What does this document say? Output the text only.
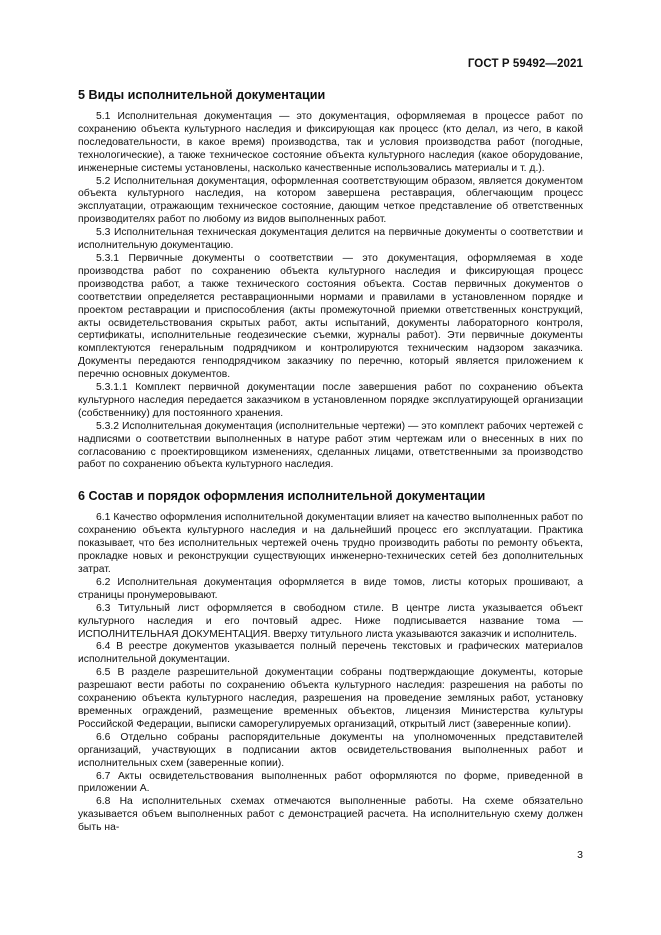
ГОСТ Р 59492—2021
5 Виды исполнительной документации

5.1 Исполнительная документация — это документация, оформляемая в процессе работ по сохранению объекта культурного наследия и фиксирующая как процесс (кто делал, из чего, в какой последовательности, в какое время) производства, так и условия производства работ (погодные, технологические), а также техническое состояние объекта культурного наследия (какое оборудование, инженерные системы установлены, насколько качественные использовались материалы и т. д.).

5.2 Исполнительная документация, оформленная соответствующим образом, является документом объекта культурного наследия, на котором завершена реставрация, облегчающим процесс эксплуатации, отражающим техническое состояние, дающим четкое представление об ответственных производителях работ по любому из видов выполненных работ.

5.3 Исполнительная техническая документация делится на первичные документы о соответствии и исполнительную документацию.

5.3.1 Первичные документы о соответствии — это документация, оформляемая в ходе производства работ по сохранению объекта культурного наследия и фиксирующая процесс производства работ, а также технического состояния объекта. Состав первичных документов о соответствии определяется реставрационными нормами и правилами в установленном порядке и проектом реставрации и приспособления (акты промежуточной приемки ответственных конструкций, акты освидетельствования скрытых работ, акты испытаний, документы лабораторного контроля, сертификаты, исполнительные геодезические съемки, журналы работ). Эти первичные документы комплектуются генеральным подрядчиком и контролируются техническим надзором заказчика. Документы передаются генподрядчиком заказчику по перечню, который является приложением к перечню основных документов.

5.3.1.1 Комплект первичной документации после завершения работ по сохранению объекта культурного наследия передается заказчиком в установленном порядке эксплуатирующей организации (собственнику) для постоянного хранения.

5.3.2 Исполнительная документация (исполнительные чертежи) — это комплект рабочих чертежей с надписями о соответствии выполненных в натуре работ этим чертежам или о внесенных в них по согласованию с проектировщиком изменениях, сделанных лицами, ответственными за производство работ по сохранению объекта культурного наследия.

6 Состав и порядок оформления исполнительной документации

6.1 Качество оформления исполнительной документации влияет на качество выполненных работ по сохранению объекта культурного наследия и на дальнейший процесс его эксплуатации. Практика показывает, что без исполнительных чертежей очень трудно производить работы по ремонту объекта, прокладке новых и реконструкции существующих инженерно-технических сетей без дополнительных затрат.

6.2 Исполнительная документация оформляется в виде томов, листы которых прошивают, а страницы пронумеровывают.

6.3 Титульный лист оформляется в свободном стиле. В центре листа указывается объект культурного наследия и его почтовый адрес. Ниже подписывается название тома — ИСПОЛНИТЕЛЬНАЯ ДОКУМЕНТАЦИЯ. Вверху титульного листа указываются заказчик и исполнитель.

6.4 В реестре документов указывается полный перечень текстовых и графических материалов исполнительной документации.

6.5 В разделе разрешительной документации собраны подтверждающие документы, которые разрешают вести работы по сохранению объекта культурного наследия: разрешения на работы по сохранению объекта культурного наследия, разрешения на проведение земляных работ, установку временных ограждений, размещение временных объектов, лицензия Министерства культуры Российской Федерации, выписки саморегулируемых организаций, открытый лист (заверенные копии).

6.6 Отдельно собраны распорядительные документы на уполномоченных представителей организаций, участвующих в подписании актов освидетельствования выполненных работ и исполнительных схем (заверенные копии).

6.7 Акты освидетельствования выполненных работ оформляются по форме, приведенной в приложении А.

6.8 На исполнительных схемах отмечаются выполненные работы. На схеме обязательно указывается объем выполненных работ с демонстрацией расчета. На исполнительную схему должен быть на-

3
